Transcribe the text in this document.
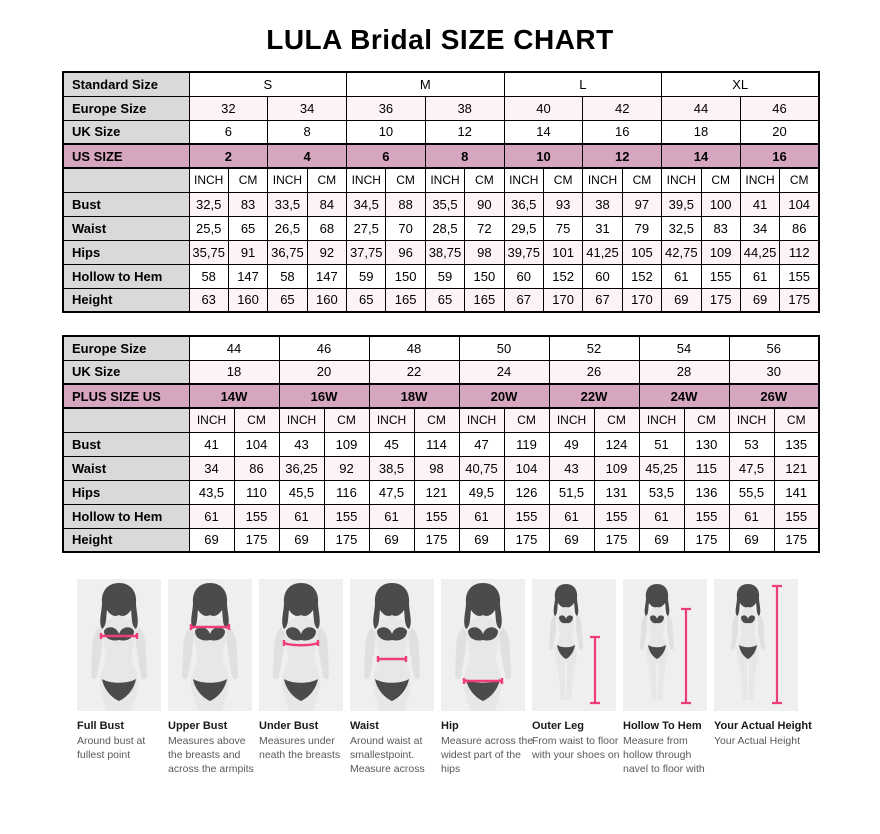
LULA Bridal SIZE CHART
Standard Size	S				M				L				XL			
Europe Size	32		34		36		38		40		42		44		46	
UK Size	6		8		10		12		14		16		18		20	
US SIZE	2		4		6		8		10		12		14		16	
	INCH	CM	INCH	CM	INCH	CM	INCH	CM	INCH	CM	INCH	CM	INCH	CM	INCH	CM
Bust	32,5	83	33,5	84	34,5	88	35,5	90	36,5	93	38	97	39,5	100	41	104
Waist	25,5	65	26,5	68	27,5	70	28,5	72	29,5	75	31	79	32,5	83	34	86
Hips	35,75	91	36,75	92	37,75	96	38,75	98	39,75	101	41,25	105	42,75	109	44,25	112
Hollow to Hem	58	147	58	147	59	150	59	150	60	152	60	152	61	155	61	155
Height	63	160	65	160	65	165	65	165	67	170	67	170	69	175	69	175
Europe Size	44		46		48		50		52		54		56	
UK Size	18		20		22		24		26		28		30	
PLUS SIZE US	14W		16W		18W		20W		22W		24W		26W	
	INCH	CM	INCH	CM	INCH	CM	INCH	CM	INCH	CM	INCH	CM	INCH	CM
Bust	41	104	43	109	45	114	47	119	49	124	51	130	53	135
Waist	34	86	36,25	92	38,5	98	40,75	104	43	109	45,25	115	47,5	121
Hips	43,5	110	45,5	116	47,5	121	49,5	126	51,5	131	53,5	136	55,5	141
Hollow to Hem	61	155	61	155	61	155	61	155	61	155	61	155	61	155
Height	69	175	69	175	69	175	69	175	69	175	69	175	69	175
Full Bust
Around bust at fullest point
Upper Bust
Measures above the breasts and across the armpits
Under Bust
Measures under neath the breasts
Waist
Around waist at smallestpoint. Measure across
Hip
Measure across the widest part of the hips
Outer Leg
From waist to floor with your shoes on
Hollow To Hem
Measure from hollow through navel to floor with
Your Actual Height
Your Actual Height
